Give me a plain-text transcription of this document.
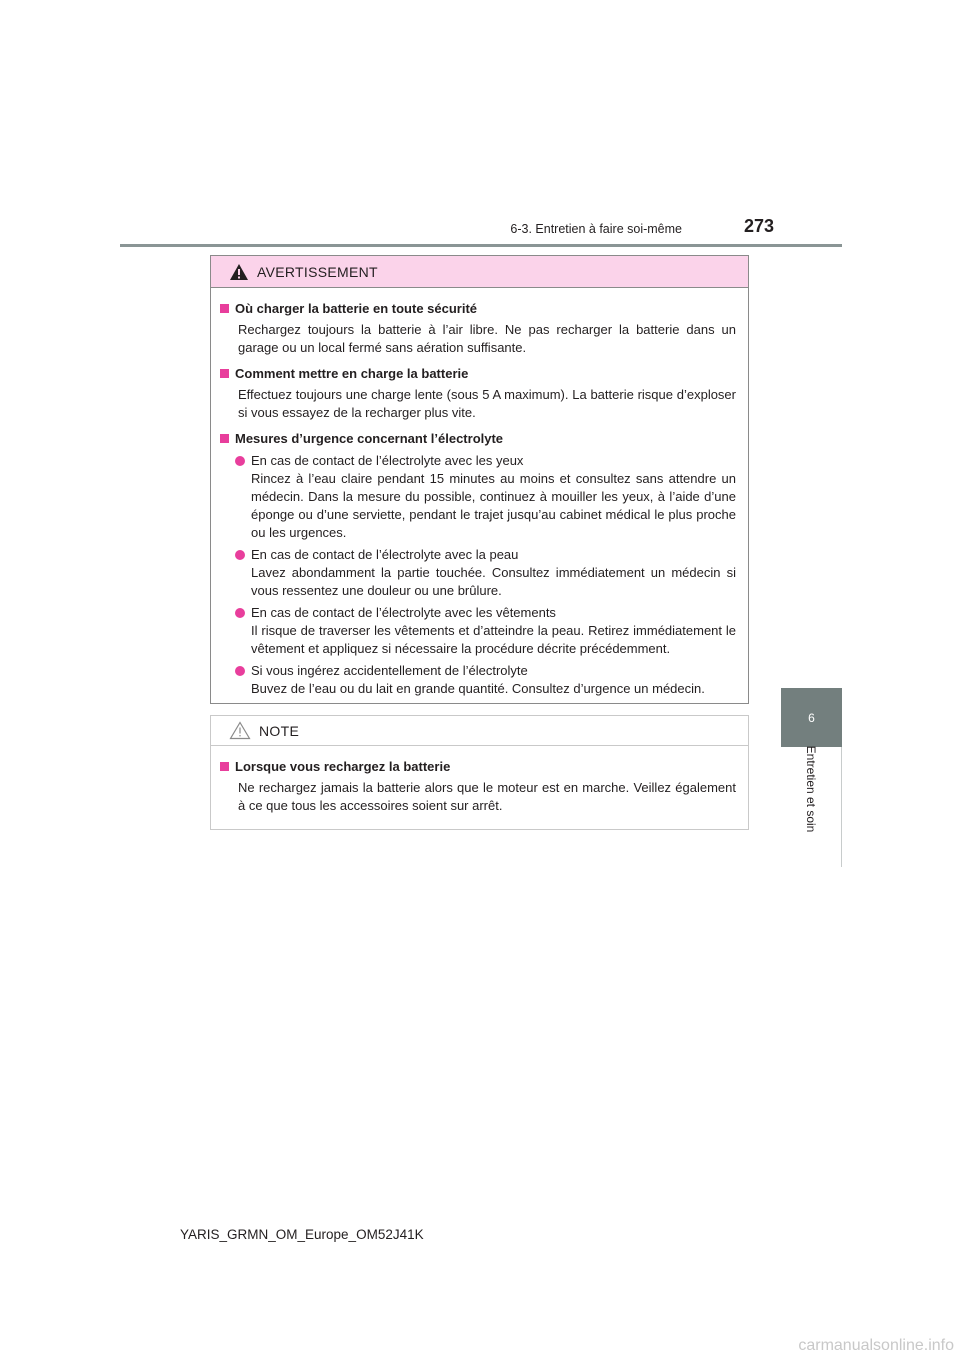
6-3. Entretien à faire soi-même	273
6
Entretien et soin
AVERTISSEMENT
Où charger la batterie en toute sécurité
Rechargez toujours la batterie à l’air libre. Ne pas recharger la batterie dans un garage ou un local fermé sans aération suffisante.
Comment mettre en charge la batterie
Effectuez toujours une charge lente (sous 5 A maximum). La batterie risque d’exploser si vous essayez de la recharger plus vite.
Mesures d’urgence concernant l’électrolyte
En cas de contact de l’électrolyte avec les yeux
Rincez à l’eau claire pendant 15 minutes au moins et consultez sans attendre un médecin. Dans la mesure du possible, continuez à mouiller les yeux, à l’aide d’une éponge ou d’une serviette, pendant le trajet jusqu’au cabinet médical le plus proche ou les urgences.
En cas de contact de l’électrolyte avec la peau
Lavez abondamment la partie touchée. Consultez immédiatement un médecin si vous ressentez une douleur ou une brûlure.
En cas de contact de l’électrolyte avec les vêtements
Il risque de traverser les vêtements et d’atteindre la peau. Retirez immédiatement le vêtement et appliquez si nécessaire la procédure décrite précédemment.
Si vous ingérez accidentellement de l’électrolyte
Buvez de l’eau ou du lait en grande quantité. Consultez d’urgence un médecin.
NOTE
Lorsque vous rechargez la batterie
Ne rechargez jamais la batterie alors que le moteur est en marche. Veillez également à ce que tous les accessoires soient sur arrêt.
YARIS_GRMN_OM_Europe_OM52J41K
carmanualsonline.info
